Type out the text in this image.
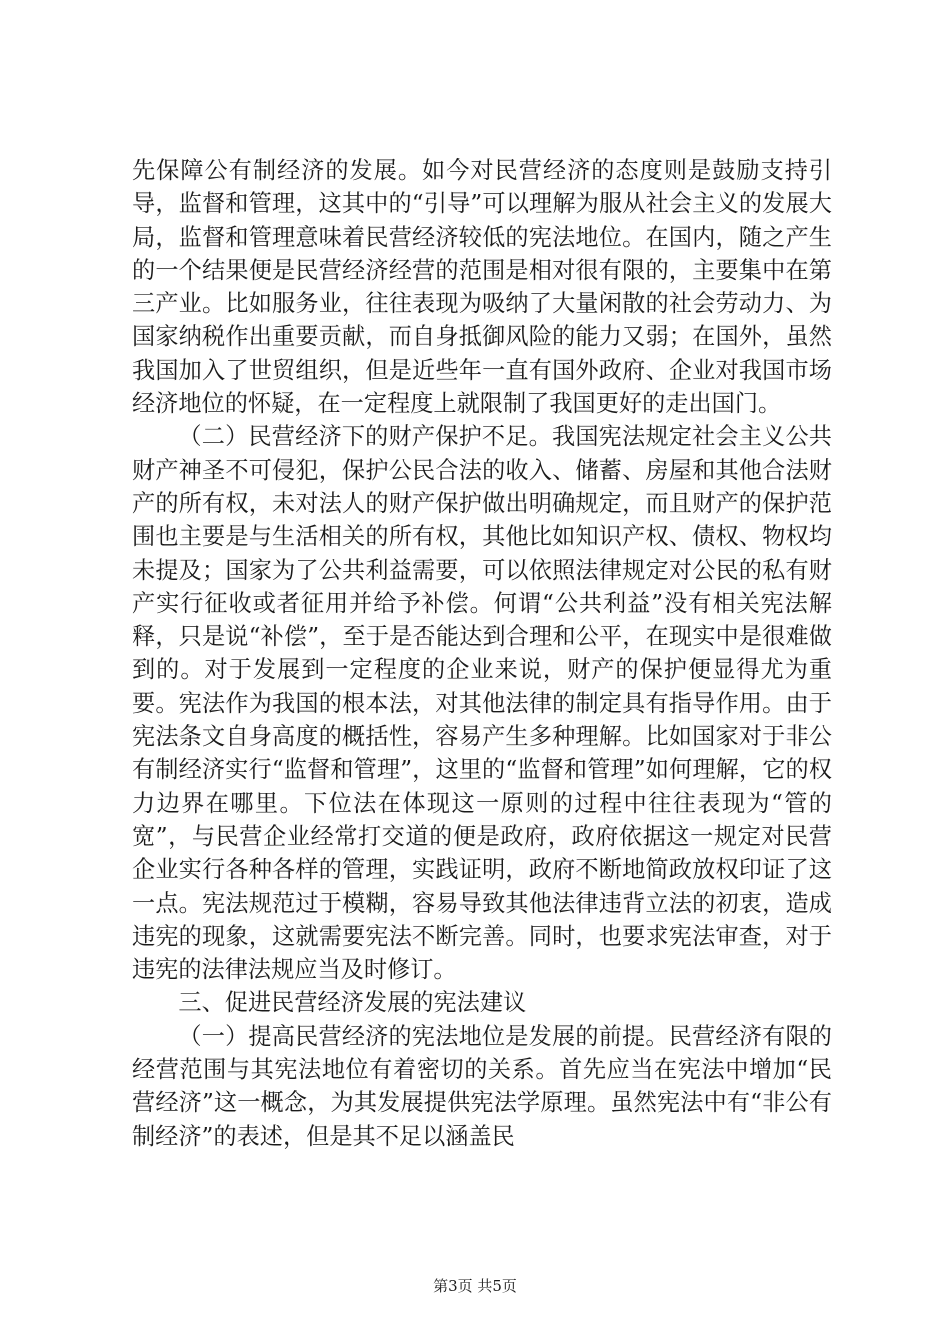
先保障公有制经济的发展。如今对民营经济的态度则是鼓励支持引导，监督和管理，这其中的“引导”可以理解为服从社会主义的发展大局，监督和管理意味着民营经济较低的宪法地位。在国内，随之产生的一个结果便是民营经济经营的范围是相对很有限的，主要集中在第三产业。比如服务业，往往表现为吸纳了大量闲散的社会劳动力、为国家纳税作出重要贡献，而自身抵御风险的能力又弱；在国外，虽然我国加入了世贸组织，但是近些年一直有国外政府、企业对我国市场经济地位的怀疑，在一定程度上就限制了我国更好的走出国门。

（二）民营经济下的财产保护不足。我国宪法规定社会主义公共财产神圣不可侵犯，保护公民合法的收入、储蓄、房屋和其他合法财产的所有权，未对法人的财产保护做出明确规定，而且财产的保护范围也主要是与生活相关的所有权，其他比如知识产权、债权、物权均未提及；国家为了公共利益需要，可以依照法律规定对公民的私有财产实行征收或者征用并给予补偿。何谓“公共利益”没有相关宪法解释，只是说“补偿”，至于是否能达到合理和公平，在现实中是很难做到的。对于发展到一定程度的企业来说，财产的保护便显得尤为重要。宪法作为我国的根本法，对其他法律的制定具有指导作用。由于宪法条文自身高度的概括性，容易产生多种理解。比如国家对于非公有制经济实行“监督和管理”，这里的“监督和管理”如何理解，它的权力边界在哪里。下位法在体现这一原则的过程中往往表现为“管的宽”，与民营企业经常打交道的便是政府，政府依据这一规定对民营企业实行各种各样的管理，实践证明，政府不断地简政放权印证了这一点。宪法规范过于模糊，容易导致其他法律违背立法的初衷，造成违宪的现象，这就需要宪法不断完善。同时，也要求宪法审查，对于违宪的法律法规应当及时修订。

三、促进民营经济发展的宪法建议

（一）提高民营经济的宪法地位是发展的前提。民营经济有限的经营范围与其宪法地位有着密切的关系。首先应当在宪法中增加“民营经济”这一概念，为其发展提供宪法学原理。虽然宪法中有“非公有制经济”的表述，但是其不足以涵盖民

第3页 共5页
